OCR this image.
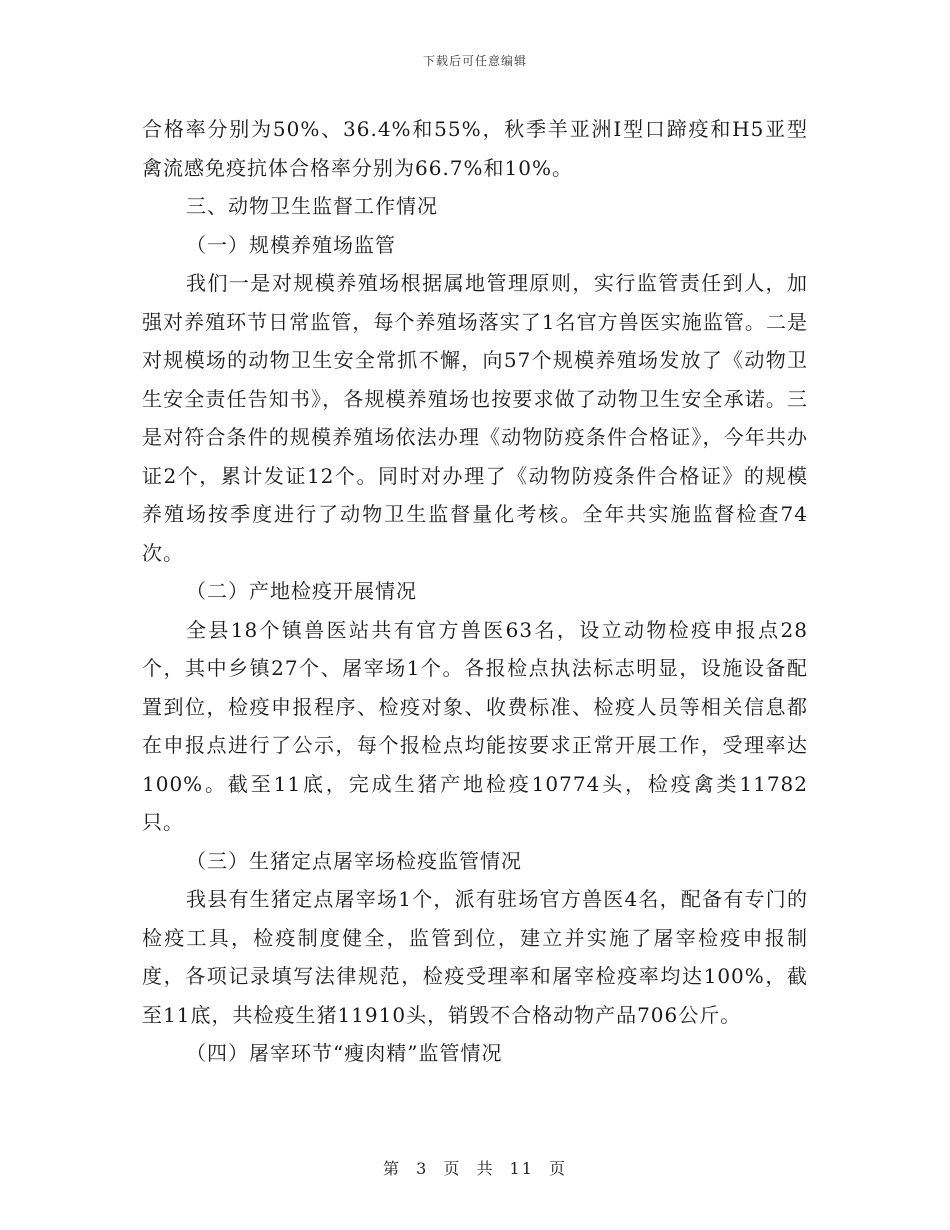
下载后可任意编辑

合格率分别为50%、36.4%和55%，秋季羊亚洲Ⅰ型口蹄疫和H5亚型禽流感免疫抗体合格率分别为66.7%和10%。

三、动物卫生监督工作情况

（一）规模养殖场监管

我们一是对规模养殖场根据属地管理原则，实行监管责任到人，加强对养殖环节日常监管，每个养殖场落实了1名官方兽医实施监管。二是对规模场的动物卫生安全常抓不懈，向57个规模养殖场发放了《动物卫生安全责任告知书》，各规模养殖场也按要求做了动物卫生安全承诺。三是对符合条件的规模养殖场依法办理《动物防疫条件合格证》，今年共办证2个，累计发证12个。同时对办理了《动物防疫条件合格证》的规模养殖场按季度进行了动物卫生监督量化考核。全年共实施监督检查74次。

（二）产地检疫开展情况

全县18个镇兽医站共有官方兽医63名，设立动物检疫申报点28个，其中乡镇27个、屠宰场1个。各报检点执法标志明显，设施设备配置到位，检疫申报程序、检疫对象、收费标准、检疫人员等相关信息都在申报点进行了公示，每个报检点均能按要求正常开展工作，受理率达100%。截至11底，完成生猪产地检疫10774头，检疫禽类11782只。

（三）生猪定点屠宰场检疫监管情况

我县有生猪定点屠宰场1个，派有驻场官方兽医4名，配备有专门的检疫工具，检疫制度健全，监管到位，建立并实施了屠宰检疫申报制度，各项记录填写法律规范，检疫受理率和屠宰检疫率均达100%，截至11底，共检疫生猪11910头，销毁不合格动物产品706公斤。

（四）屠宰环节“瘦肉精”监管情况

第 3 页 共 11 页
